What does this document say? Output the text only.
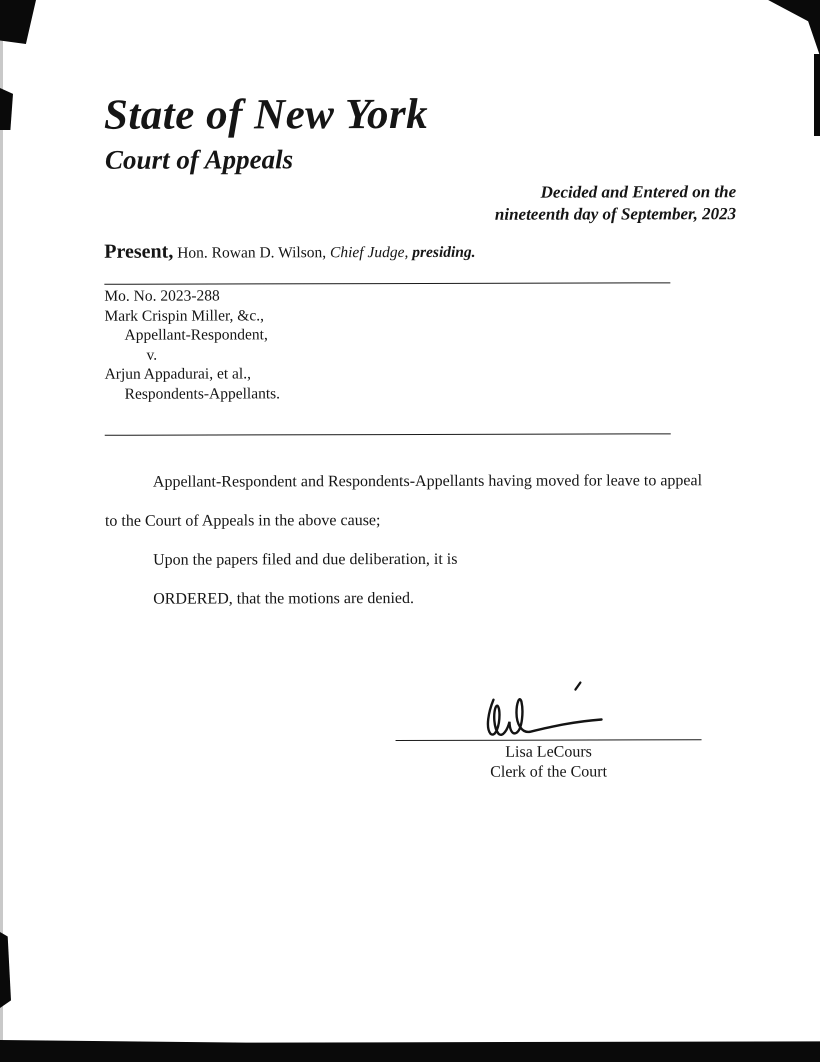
State of New York
Court of Appeals
Decided and Entered on the
nineteenth day of September, 2023
Present, Hon. Rowan D. Wilson, Chief Judge, presiding.
Mo. No. 2023-288
Mark Crispin Miller, &c.,
Appellant-Respondent,
v.
Arjun Appadurai, et al.,
Respondents-Appellants.

Appellant-Respondent and Respondents-Appellants having moved for leave to appeal to the Court of Appeals in the above cause;

Upon the papers filed and due deliberation, it is

ORDERED, that the motions are denied.

Lisa LeCours
Clerk of the Court
